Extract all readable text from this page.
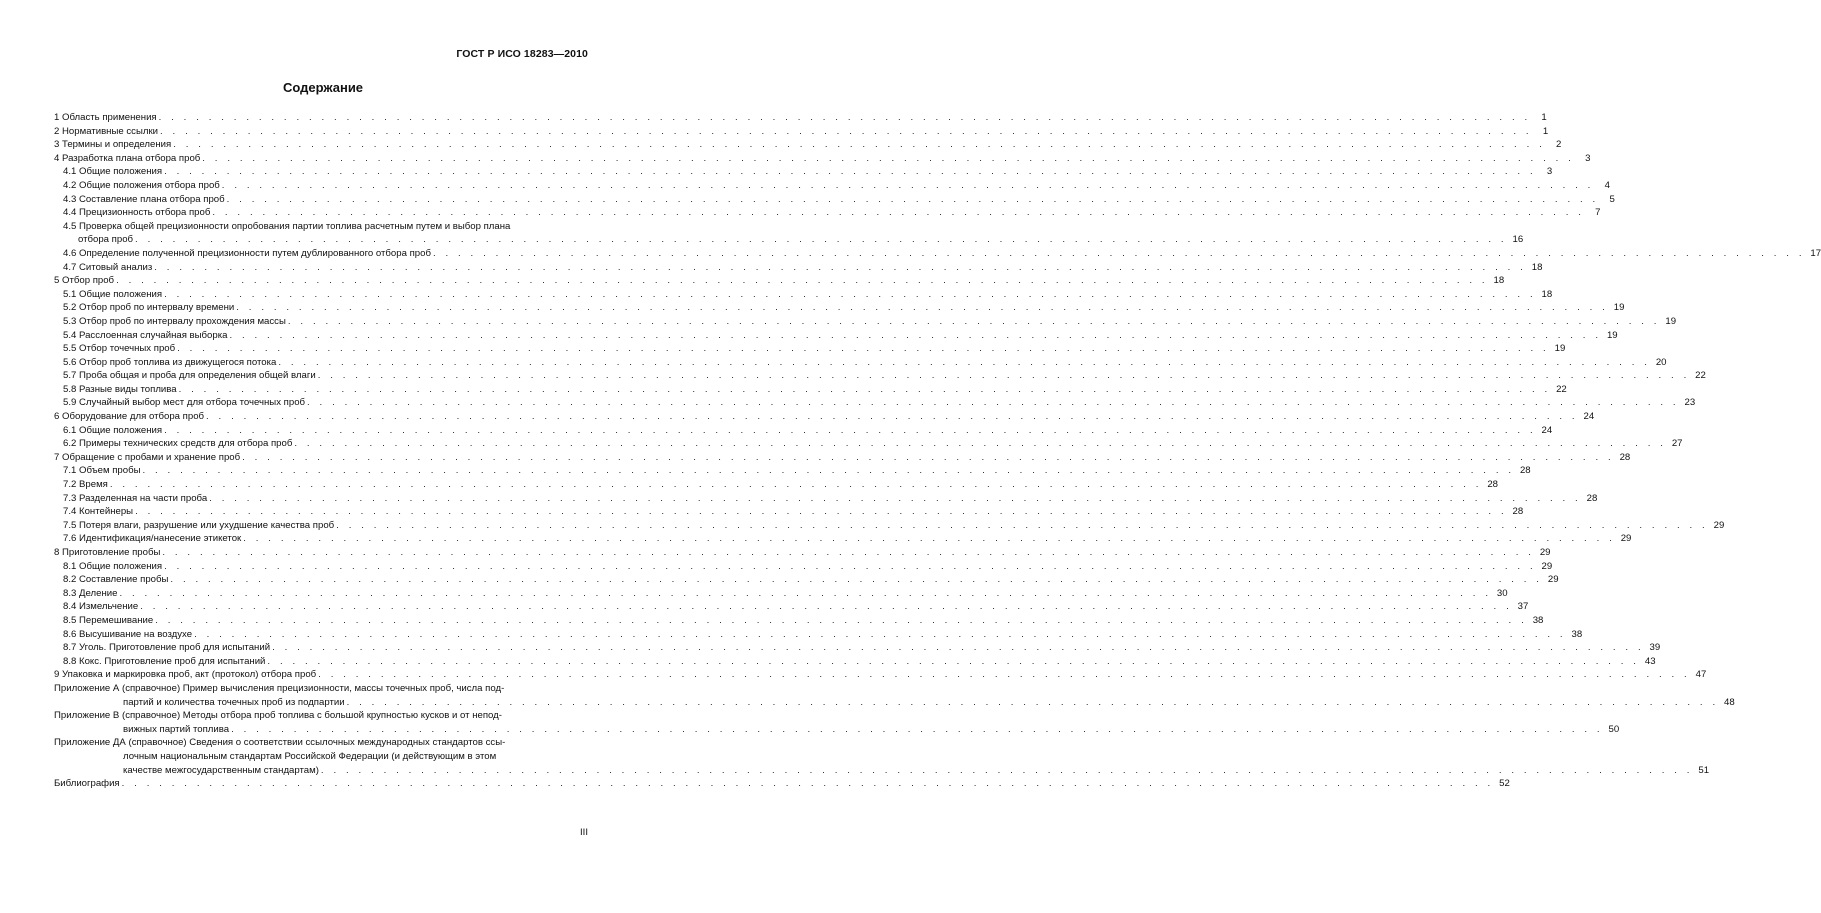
ГОСТ Р ИСО 18283—2010
Содержание
1 Область применения . . . . . . . . . . . . . . . . . . . . . . . . . . . . . . . . . . . . . . . . . . . . . . . . . . . . . . . . . . . . . . . . . . . . . . . . . . . . . . . . . . . . . . . . . . . . . . . . . . . . . . . . . . . . . .	1
2 Нормативные ссылки . . . . . . . . . . . . . . . . . . . . . . . . . . . . . . . . . . . . . . . . . . . . . . . . . . . . . . . . . . . . . . . . . . . . . . . . . . . . . . . . . . . . . . . . . . . . . . . . . . . . . . . . . . . . . .	1
3 Термины и определения . . . . . . . . . . . . . . . . . . . . . . . . . . . . . . . . . . . . . . . . . . . . . . . . . . . . . . . . . . . . . . . . . . . . . . . . . . . . . . . . . . . . . . . . . . . . . . . . . . . . . . . . . . . . . .	2
4 Разработка плана отбора проб . . . . . . . . . . . . . . . . . . . . . . . . . . . . . . . . . . . . . . . . . . . . . . . . . . . . . . . . . . . . . . . . . . . . . . . . . . . . . . . . . . . . . . . . . . . . . . . . . . . . . . . . . . . . . .	3
4.1 Общие положения . . . . . . . . . . . . . . . . . . . . . . . . . . . . . . . . . . . . . . . . . . . . . . . . . . . . . . . . . . . . . . . . . . . . . . . . . . . . . . . . . . . . . . . . . . . . . . . . . . . . . . . . . . . . . .	3
4.2 Общие положения отбора проб . . . . . . . . . . . . . . . . . . . . . . . . . . . . . . . . . . . . . . . . . . . . . . . . . . . . . . . . . . . . . . . . . . . . . . . . . . . . . . . . . . . . . . . . . . . . . . . . . . . . . . . . . . . . . .	4
4.3 Составление плана отбора проб . . . . . . . . . . . . . . . . . . . . . . . . . . . . . . . . . . . . . . . . . . . . . . . . . . . . . . . . . . . . . . . . . . . . . . . . . . . . . . . . . . . . . . . . . . . . . . . . . . . . . . . . . . . . . .	5
4.4 Прецизионность отбора проб . . . . . . . . . . . . . . . . . . . . . . . . . . . . . . . . . . . . . . . . . . . . . . . . . . . . . . . . . . . . . . . . . . . . . . . . . . . . . . . . . . . . . . . . . . . . . . . . . . . . . . . . . . . . . .	7
4.5 Проверка общей прецизионности опробования партии топлива расчетным путем и выбор плана
отбора проб . . . . . . . . . . . . . . . . . . . . . . . . . . . . . . . . . . . . . . . . . . . . . . . . . . . . . . . . . . . . . . . . . . . . . . . . . . . . . . . . . . . . . . . . . . . . . . . . . . . . . . . . . . . . . . 16
4.6 Определение полученной прецизионности путем дублированного отбора проб . . . . . . . . . . . . . . . . . . . . . . . . . . . . . . . . . . . . . . . . . . . . . . . . . . . . . . . . . . . . . . . . . . . . . . . . . . . . . . . . . . . . . . . . . . . . . . . . . . . . . . . . . . . . . . 17
4.7 Ситовый анализ . . . . . . . . . . . . . . . . . . . . . . . . . . . . . . . . . . . . . . . . . . . . . . . . . . . . . . . . . . . . . . . . . . . . . . . . . . . . . . . . . . . . . . . . . . . . . . . . . . . . . . . . . . . . . . 18
5 Отбор проб . . . . . . . . . . . . . . . . . . . . . . . . . . . . . . . . . . . . . . . . . . . . . . . . . . . . . . . . . . . . . . . . . . . . . . . . . . . . . . . . . . . . . . . . . . . . . . . . . . . . . . . . . . . . . . 18
5.1 Общие положения . . . . . . . . . . . . . . . . . . . . . . . . . . . . . . . . . . . . . . . . . . . . . . . . . . . . . . . . . . . . . . . . . . . . . . . . . . . . . . . . . . . . . . . . . . . . . . . . . . . . . . . . . . . . . . 18
5.2 Отбор проб по интервалу времени . . . . . . . . . . . . . . . . . . . . . . . . . . . . . . . . . . . . . . . . . . . . . . . . . . . . . . . . . . . . . . . . . . . . . . . . . . . . . . . . . . . . . . . . . . . . . . . . . . . . . . . . . . . . . . 19
5.3 Отбор проб по интервалу прохождения массы . . . . . . . . . . . . . . . . . . . . . . . . . . . . . . . . . . . . . . . . . . . . . . . . . . . . . . . . . . . . . . . . . . . . . . . . . . . . . . . . . . . . . . . . . . . . . . . . . . . . . . . . . . . . . . 19
5.4 Расслоенная случайная выборка . . . . . . . . . . . . . . . . . . . . . . . . . . . . . . . . . . . . . . . . . . . . . . . . . . . . . . . . . . . . . . . . . . . . . . . . . . . . . . . . . . . . . . . . . . . . . . . . . . . . . . . . . . . . . . 19
5.5 Отбор точечных проб . . . . . . . . . . . . . . . . . . . . . . . . . . . . . . . . . . . . . . . . . . . . . . . . . . . . . . . . . . . . . . . . . . . . . . . . . . . . . . . . . . . . . . . . . . . . . . . . . . . . . . . . . . . . . . 19
5.6 Отбор проб топлива из движущегося потока . . . . . . . . . . . . . . . . . . . . . . . . . . . . . . . . . . . . . . . . . . . . . . . . . . . . . . . . . . . . . . . . . . . . . . . . . . . . . . . . . . . . . . . . . . . . . . . . . . . . . . . . . . . . . . 20
5.7 Проба общая и проба для определения общей влаги . . . . . . . . . . . . . . . . . . . . . . . . . . . . . . . . . . . . . . . . . . . . . . . . . . . . . . . . . . . . . . . . . . . . . . . . . . . . . . . . . . . . . . . . . . . . . . . . . . . . . . . . . . . . . . 22
5.8 Разные виды топлива . . . . . . . . . . . . . . . . . . . . . . . . . . . . . . . . . . . . . . . . . . . . . . . . . . . . . . . . . . . . . . . . . . . . . . . . . . . . . . . . . . . . . . . . . . . . . . . . . . . . . . . . . . . . . . 22
5.9 Случайный выбор мест для отбора точечных проб . . . . . . . . . . . . . . . . . . . . . . . . . . . . . . . . . . . . . . . . . . . . . . . . . . . . . . . . . . . . . . . . . . . . . . . . . . . . . . . . . . . . . . . . . . . . . . . . . . . . . . . . . . . . . . 23
6 Оборудование для отбора проб . . . . . . . . . . . . . . . . . . . . . . . . . . . . . . . . . . . . . . . . . . . . . . . . . . . . . . . . . . . . . . . . . . . . . . . . . . . . . . . . . . . . . . . . . . . . . . . . . . . . . . . . . . . . . . 24
6.1 Общие положения . . . . . . . . . . . . . . . . . . . . . . . . . . . . . . . . . . . . . . . . . . . . . . . . . . . . . . . . . . . . . . . . . . . . . . . . . . . . . . . . . . . . . . . . . . . . . . . . . . . . . . . . . . . . . . 24
6.2 Примеры технических средств для отбора проб . . . . . . . . . . . . . . . . . . . . . . . . . . . . . . . . . . . . . . . . . . . . . . . . . . . . . . . . . . . . . . . . . . . . . . . . . . . . . . . . . . . . . . . . . . . . . . . . . . . . . . . . . . . . . . 27
7 Обращение с пробами и хранение проб . . . . . . . . . . . . . . . . . . . . . . . . . . . . . . . . . . . . . . . . . . . . . . . . . . . . . . . . . . . . . . . . . . . . . . . . . . . . . . . . . . . . . . . . . . . . . . . . . . . . . . . . . . . . . . 28
7.1 Объем пробы . . . . . . . . . . . . . . . . . . . . . . . . . . . . . . . . . . . . . . . . . . . . . . . . . . . . . . . . . . . . . . . . . . . . . . . . . . . . . . . . . . . . . . . . . . . . . . . . . . . . . . . . . . . . . . 28
7.2 Время . . . . . . . . . . . . . . . . . . . . . . . . . . . . . . . . . . . . . . . . . . . . . . . . . . . . . . . . . . . . . . . . . . . . . . . . . . . . . . . . . . . . . . . . . . . . . . . . . . . . . . . . . . . . . . 28
7.3 Разделенная на части проба . . . . . . . . . . . . . . . . . . . . . . . . . . . . . . . . . . . . . . . . . . . . . . . . . . . . . . . . . . . . . . . . . . . . . . . . . . . . . . . . . . . . . . . . . . . . . . . . . . . . . . . . . . . . . . 28
7.4 Контейнеры . . . . . . . . . . . . . . . . . . . . . . . . . . . . . . . . . . . . . . . . . . . . . . . . . . . . . . . . . . . . . . . . . . . . . . . . . . . . . . . . . . . . . . . . . . . . . . . . . . . . . . . . . . . . . . 28
7.5 Потеря влаги, разрушение или ухудшение качества проб . . . . . . . . . . . . . . . . . . . . . . . . . . . . . . . . . . . . . . . . . . . . . . . . . . . . . . . . . . . . . . . . . . . . . . . . . . . . . . . . . . . . . . . . . . . . . . . . . . . . . . . . . . . . . . 29
7.6 Идентификация/нанесение этикеток . . . . . . . . . . . . . . . . . . . . . . . . . . . . . . . . . . . . . . . . . . . . . . . . . . . . . . . . . . . . . . . . . . . . . . . . . . . . . . . . . . . . . . . . . . . . . . . . . . . . . . . . . . . . . . 29
8 Приготовление пробы . . . . . . . . . . . . . . . . . . . . . . . . . . . . . . . . . . . . . . . . . . . . . . . . . . . . . . . . . . . . . . . . . . . . . . . . . . . . . . . . . . . . . . . . . . . . . . . . . . . . . . . . . . . . . . 29
8.1 Общие положения . . . . . . . . . . . . . . . . . . . . . . . . . . . . . . . . . . . . . . . . . . . . . . . . . . . . . . . . . . . . . . . . . . . . . . . . . . . . . . . . . . . . . . . . . . . . . . . . . . . . . . . . . . . . . . 29
8.2 Составление пробы . . . . . . . . . . . . . . . . . . . . . . . . . . . . . . . . . . . . . . . . . . . . . . . . . . . . . . . . . . . . . . . . . . . . . . . . . . . . . . . . . . . . . . . . . . . . . . . . . . . . . . . . . . . . . . 29
8.3 Деление . . . . . . . . . . . . . . . . . . . . . . . . . . . . . . . . . . . . . . . . . . . . . . . . . . . . . . . . . . . . . . . . . . . . . . . . . . . . . . . . . . . . . . . . . . . . . . . . . . . . . . . . . . . . . . 30
8.4 Измельчение . . . . . . . . . . . . . . . . . . . . . . . . . . . . . . . . . . . . . . . . . . . . . . . . . . . . . . . . . . . . . . . . . . . . . . . . . . . . . . . . . . . . . . . . . . . . . . . . . . . . . . . . . . . . . . 37
8.5 Перемешивание . . . . . . . . . . . . . . . . . . . . . . . . . . . . . . . . . . . . . . . . . . . . . . . . . . . . . . . . . . . . . . . . . . . . . . . . . . . . . . . . . . . . . . . . . . . . . . . . . . . . . . . . . . . . . . 38
8.6 Высушивание на воздухе . . . . . . . . . . . . . . . . . . . . . . . . . . . . . . . . . . . . . . . . . . . . . . . . . . . . . . . . . . . . . . . . . . . . . . . . . . . . . . . . . . . . . . . . . . . . . . . . . . . . . . . . . . . . . . 38
8.7 Уголь. Приготовление проб для испытаний . . . . . . . . . . . . . . . . . . . . . . . . . . . . . . . . . . . . . . . . . . . . . . . . . . . . . . . . . . . . . . . . . . . . . . . . . . . . . . . . . . . . . . . . . . . . . . . . . . . . . . . . . . . . . . 39
8.8 Кокс. Приготовление проб для испытаний . . . . . . . . . . . . . . . . . . . . . . . . . . . . . . . . . . . . . . . . . . . . . . . . . . . . . . . . . . . . . . . . . . . . . . . . . . . . . . . . . . . . . . . . . . . . . . . . . . . . . . . . . . . . . . 43
9 Упаковка и маркировка проб, акт (протокол) отбора проб . . . . . . . . . . . . . . . . . . . . . . . . . . . . . . . . . . . . . . . . . . . . . . . . . . . . . . . . . . . . . . . . . . . . . . . . . . . . . . . . . . . . . . . . . . . . . . . . . . . . . . . . . . . . . . 47
Приложение А (справочное) Пример вычисления прецизионности, массы точечных проб, числа под-
партий и количества точечных проб из подпартии . . . . . . . . . . . . . . . . . . . . . . . . . . . . . . . . . . . . . . . . . . . . . . . . . . . . . . . . . . . . . . . . . . . . . . . . . . . . . . . . . . . . . . . . . . . . . . . . . . . . . . . . . . . . . . 48
Приложение В (справочное) Методы отбора проб топлива с большой крупностью кусков и от непод-
вижных партий топлива . . . . . . . . . . . . . . . . . . . . . . . . . . . . . . . . . . . . . . . . . . . . . . . . . . . . . . . . . . . . . . . . . . . . . . . . . . . . . . . . . . . . . . . . . . . . . . . . . . . . . . . . . . . . . . 50
Приложение ДА (справочное) Сведения о соответствии ссылочных международных стандартов ссы-
лочным национальным стандартам Российской Федерации (и действующим в этом
качестве межгосударственным стандартам) . . . . . . . . . . . . . . . . . . . . . . . . . . . . . . . . . . . . . . . . . . . . . . . . . . . . . . . . . . . . . . . . . . . . . . . . . . . . . . . . . . . . . . . . . . . . . . . . . . . . . . . . . . . . . . 51
Библиография . . . . . . . . . . . . . . . . . . . . . . . . . . . . . . . . . . . . . . . . . . . . . . . . . . . . . . . . . . . . . . . . . . . . . . . . . . . . . . . . . . . . . . . . . . . . . . . . . . . . . . . . . . . . . . 52
III
